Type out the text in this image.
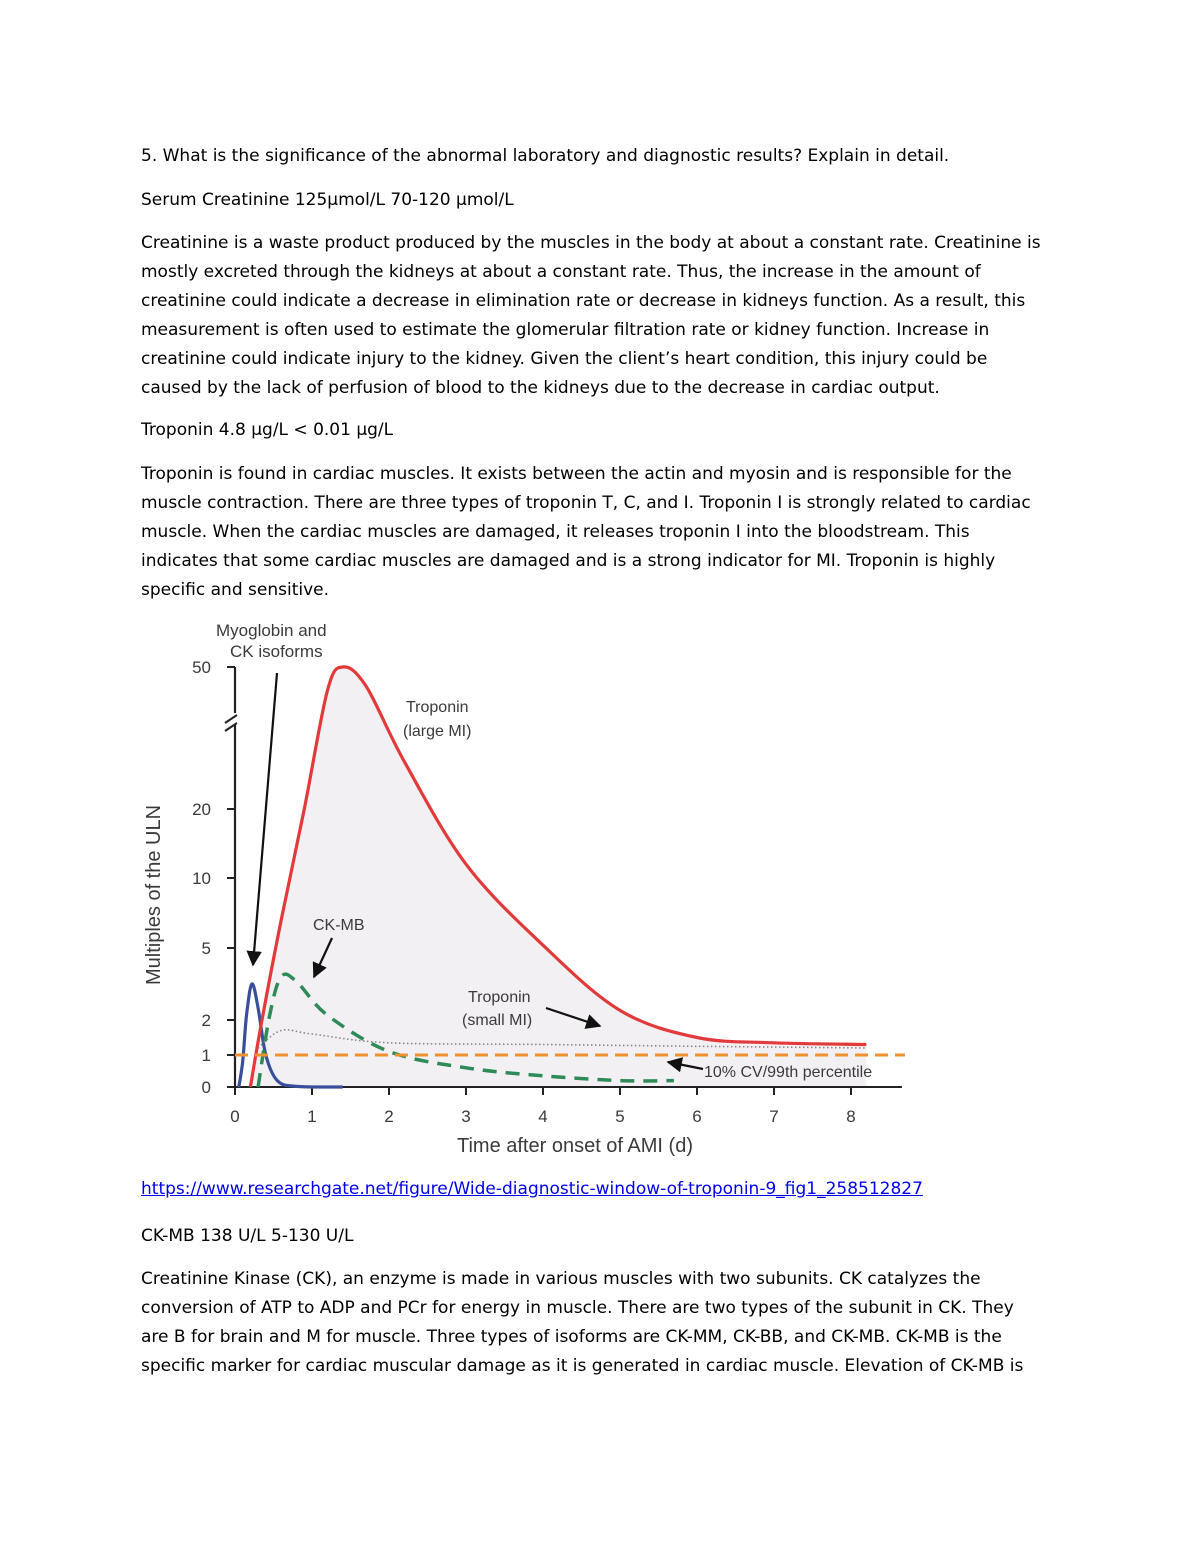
5. What is the significance of the abnormal laboratory and diagnostic results? Explain in detail.
Serum Creatinine 125μmol/L 70-120 μmol/L
Creatinine is a waste product produced by the muscles in the body at about a constant rate. Creatinine is
mostly excreted through the kidneys at about a constant rate. Thus, the increase in the amount of
creatinine could indicate a decrease in elimination rate or decrease in kidneys function. As a result, this
measurement is often used to estimate the glomerular filtration rate or kidney function. Increase in
creatinine could indicate injury to the kidney. Given the client’s heart condition, this injury could be
caused by the lack of perfusion of blood to the kidneys due to the decrease in cardiac output.
Troponin 4.8 µg/L < 0.01 µg/L
Troponin is found in cardiac muscles. It exists between the actin and myosin and is responsible for the
muscle contraction. There are three types of troponin T, C, and I. Troponin I is strongly related to cardiac
muscle. When the cardiac muscles are damaged, it releases troponin I into the bloodstream. This
indicates that some cardiac muscles are damaged and is a strong indicator for MI. Troponin is highly
specific and sensitive.
0	1	2	3	4	5	6	7	8
0
1
2
5
10
20
50
Myoglobin and
CK isoforms
Troponin
(large MI)
CK-MB
Troponin
(small MI)
10% CV/99th percentile
Time after onset of AMI (d)
Multiples of the ULN
https://www.researchgate.net/figure/Wide-diagnostic-window-of-troponin-9_fig1_258512827
CK-MB 138 U/L 5-130 U/L
Creatinine Kinase (CK), an enzyme is made in various muscles with two subunits. CK catalyzes the
conversion of ATP to ADP and PCr for energy in muscle. There are two types of the subunit in CK. They
are B for brain and M for muscle. Three types of isoforms are CK-MM, CK-BB, and CK-MB. CK-MB is the
specific marker for cardiac muscular damage as it is generated in cardiac muscle. Elevation of CK-MB is
